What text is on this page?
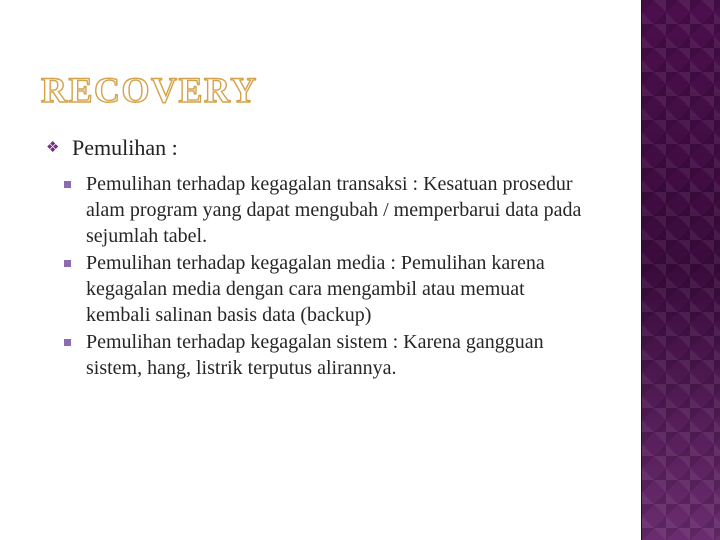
RECOVERY
❖ Pemulihan :
Pemulihan terhadap kegagalan transaksi : Kesatuan prosedur alam program yang dapat mengubah / memperbarui data pada sejumlah tabel.
Pemulihan terhadap kegagalan media : Pemulihan karena kegagalan media dengan cara mengambil atau memuat kembali salinan basis data (backup)
Pemulihan terhadap kegagalan sistem : Karena gangguan sistem, hang, listrik terputus alirannya.
